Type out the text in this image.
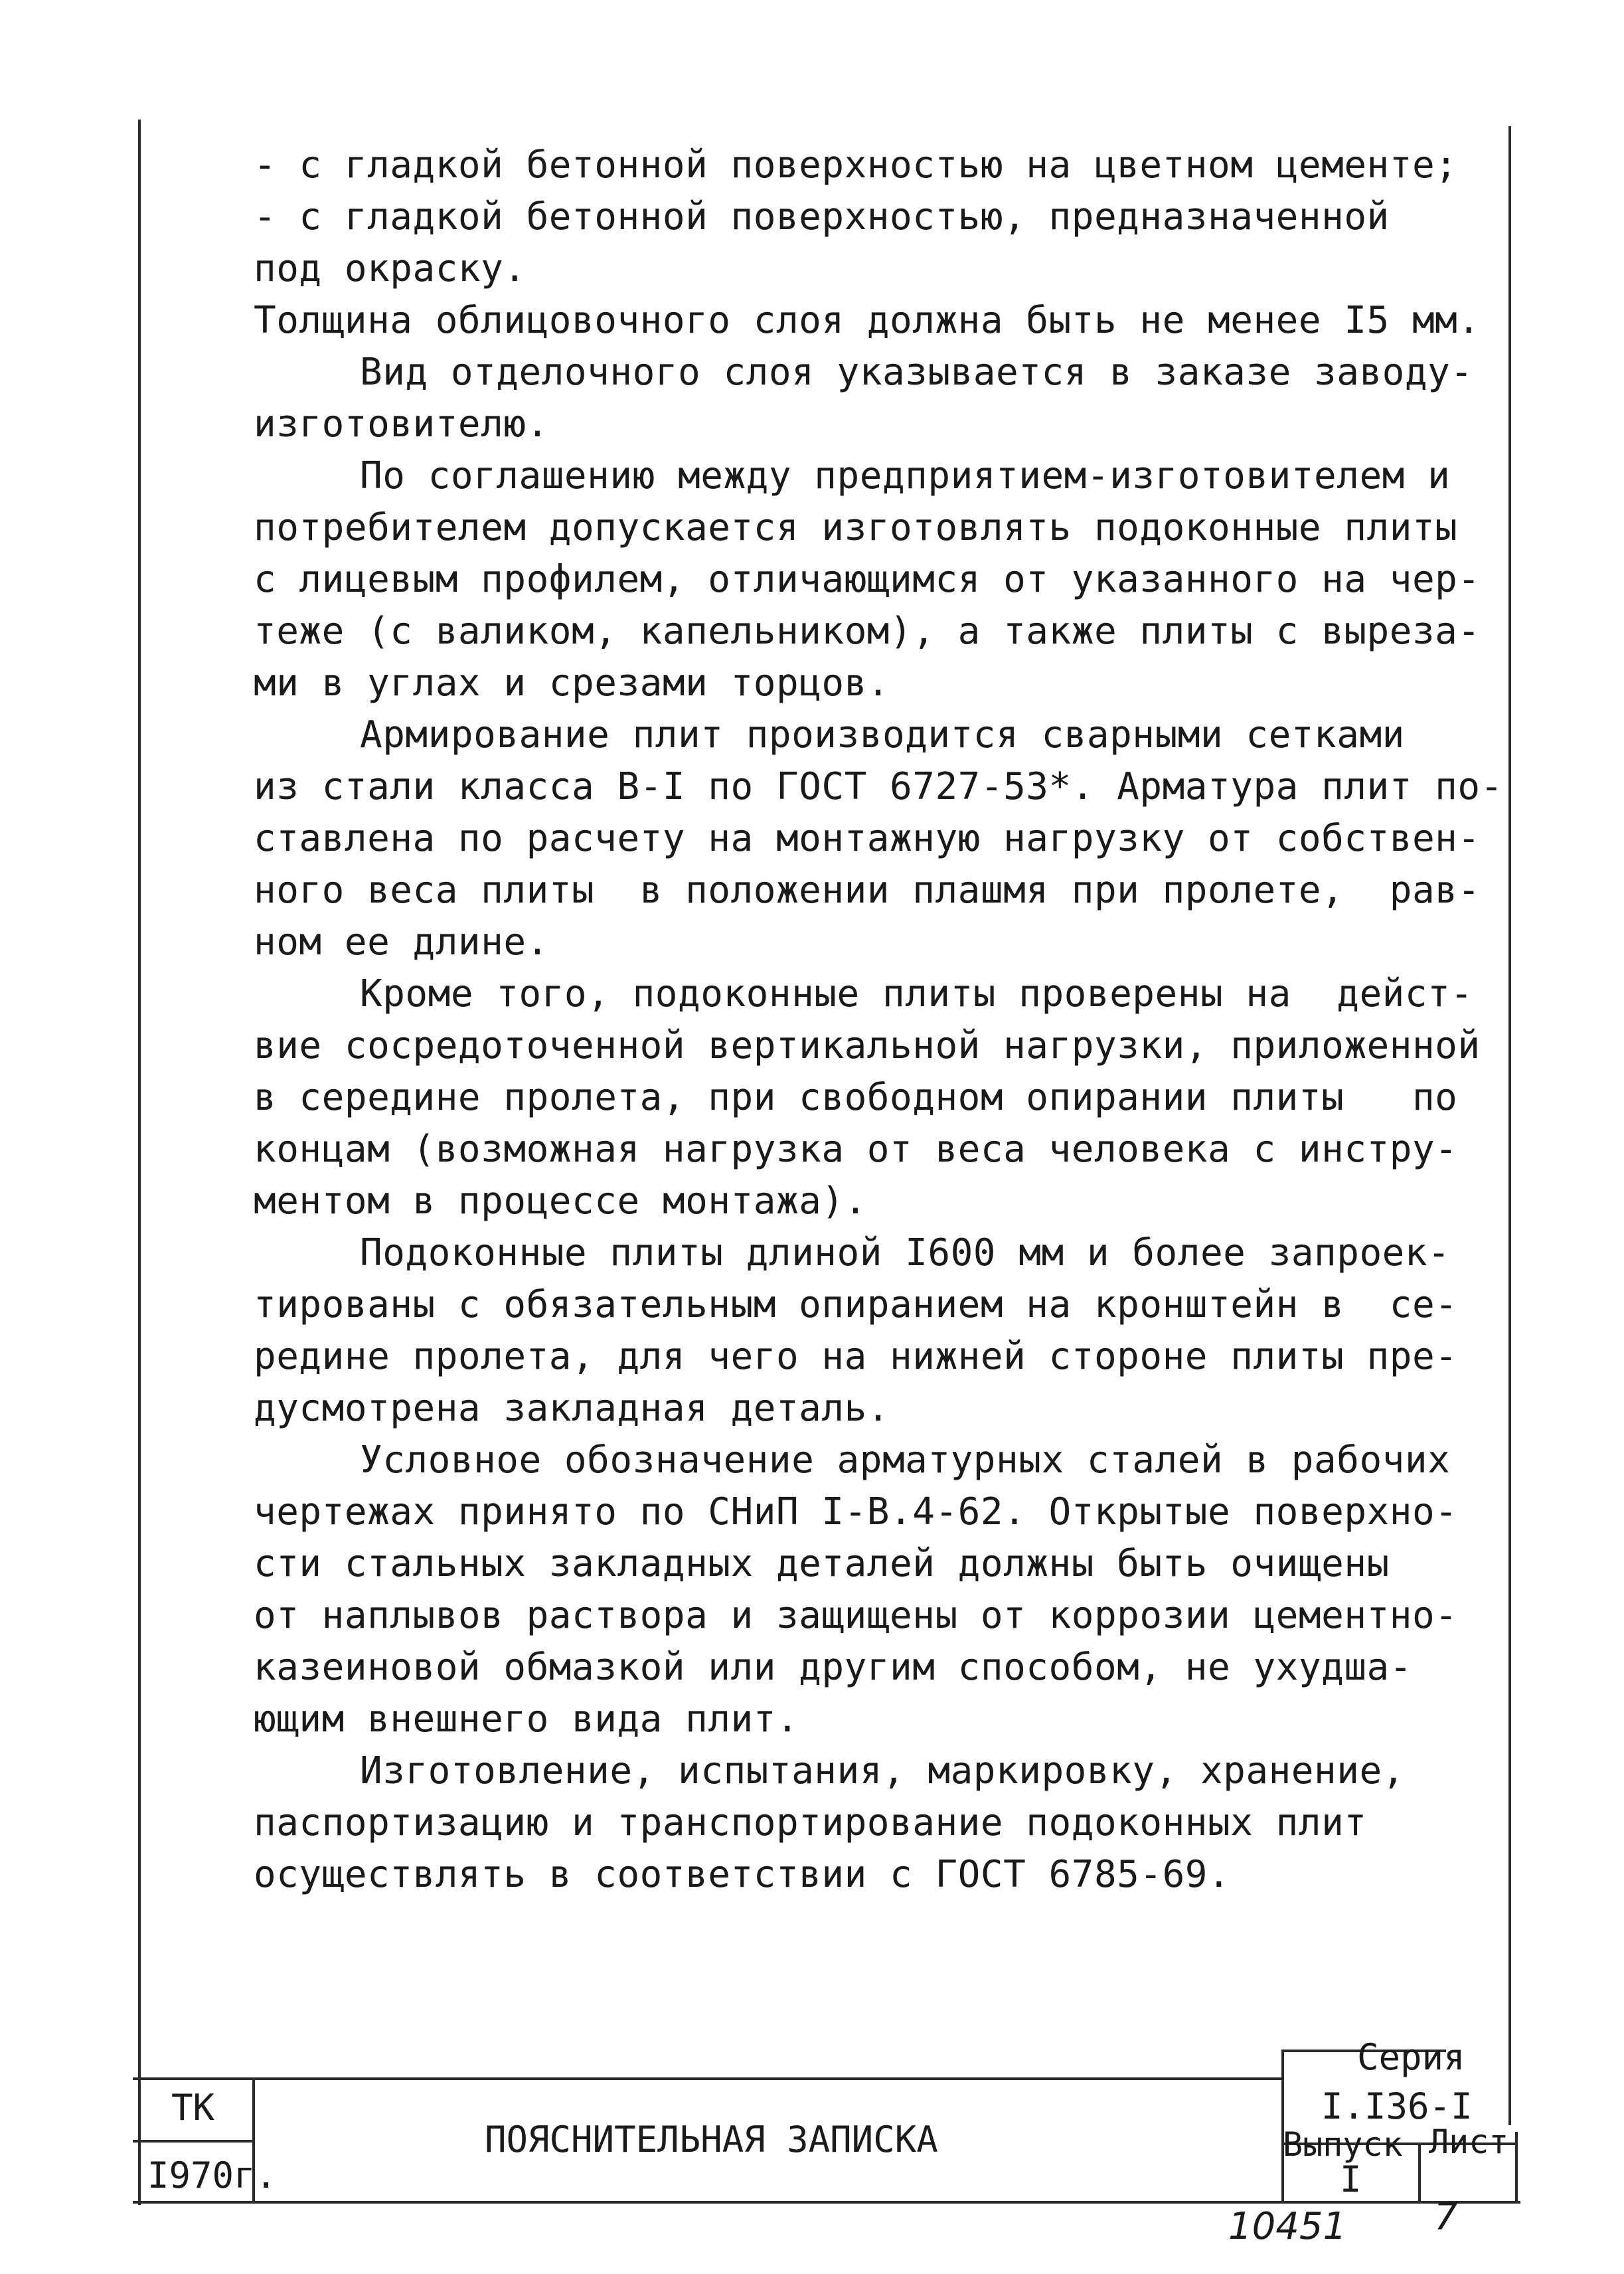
- с гладкой бетонной поверхностью на цветном цементе;
- с гладкой бетонной поверхностью, предназначенной
под окраску.
Толщина облицовочного слоя должна быть не менее I5 мм.
Вид отделочного слоя указывается в заказе заводу-
изготовителю.
По соглашению между предприятием-изготовителем и
потребителем допускается изготовлять подоконные плиты
с лицевым профилем, отличающимся от указанного на чер-
теже (с валиком, капельником), а также плиты с выреза-
ми в углах и срезами торцов.
Армирование плит производится сварными сетками
из стали класса В-I по ГОСТ 6727-53*. Арматура плит по-
ставлена по расчету на монтажную нагрузку от собствен-
ного веса плиты  в положении плашмя при пролете,  рав-
ном ее длине.
Кроме того, подоконные плиты проверены на  дейст-
вие сосредоточенной вертикальной нагрузки, приложенной
в середине пролета, при свободном опирании плиты   по
концам (возможная нагрузка от веса человека с инстру-
ментом в процессе монтажа).
Подоконные плиты длиной I600 мм и более запроек-
тированы с обязательным опиранием на кронштейн в  се-
редине пролета, для чего на нижней стороне плиты пре-
дусмотрена закладная деталь.
Условное обозначение арматурных сталей в рабочих
чертежах принято по СНиП I-В.4-62. Открытые поверхно-
сти стальных закладных деталей должны быть очищены
от наплывов раствора и защищены от коррозии цементно-
казеиновой обмазкой или другим способом, не ухудша-
ющим внешнего вида плит.
Изготовление, испытания, маркировку, хранение,
паспортизацию и транспортирование подоконных плит
осуществлять в соответствии с ГОСТ 6785-69.
ТК
I970г.
ПОЯСНИТЕЛЬНАЯ ЗАПИСКА
Серия
I.I36-I
Выпуск
I
Лист
10451 7
